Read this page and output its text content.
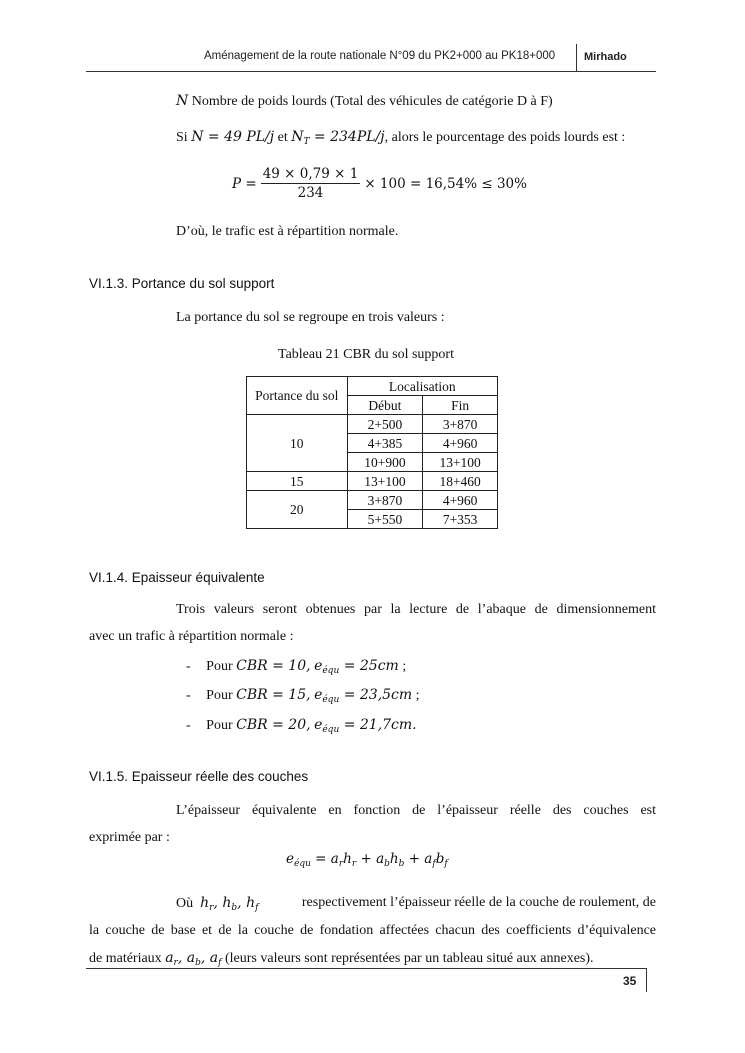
Aménagement de la route nationale N°09 du PK2+000 au PK18+000	Mirhado
N Nombre de poids lourds (Total des véhicules de catégorie D à F)
Si N = 49 PL/j et $N_T = 234PL/j$, alors le pourcentage des poids lourds est :
$P = \frac{49 \times 0,79 \times 1}{234} \times 100 = 16,54\% \le 30\%$
D’où, le trafic est à répartition normale.
VI.1.3. Portance du sol support
La portance du sol se regroupe en trois valeurs :
Tableau 21 CBR du sol support
Portance du sol	Localisation	
	Début	Fin
10	2+500	3+870
	4+385	4+960
	10+900	13+100
15	13+100	18+460
20	3+870	4+960
	5+550	7+353
VI.1.4. Epaisseur équivalente
Trois valeurs seront obtenues par la lecture de l’abaque de dimensionnement
avec un trafic à répartition normale :
- Pour CBR = 10, $e_{équ} = 25cm$ ;
- Pour CBR = 15, $e_{équ} = 23,5cm$ ;
- Pour CBR = 20, $e_{équ} = 21,7cm$.
VI.1.5. Epaisseur réelle des couches
L’épaisseur équivalente en fonction de l’épaisseur réelle des couches est
exprimée par :
$e_{équ} = a_rh_r + a_bh_b + a_fb_f$
Où $h_r$, $h_b$, $h_f$	respectivement l’épaisseur réelle de la couche de roulement, de
la couche de base et de la couche de fondation affectées chacun des coefficients d’équivalence
de matériaux $a_r$, $a_b$, $a_f$ (leurs valeurs sont représentées par un tableau situé aux annexes).
35
